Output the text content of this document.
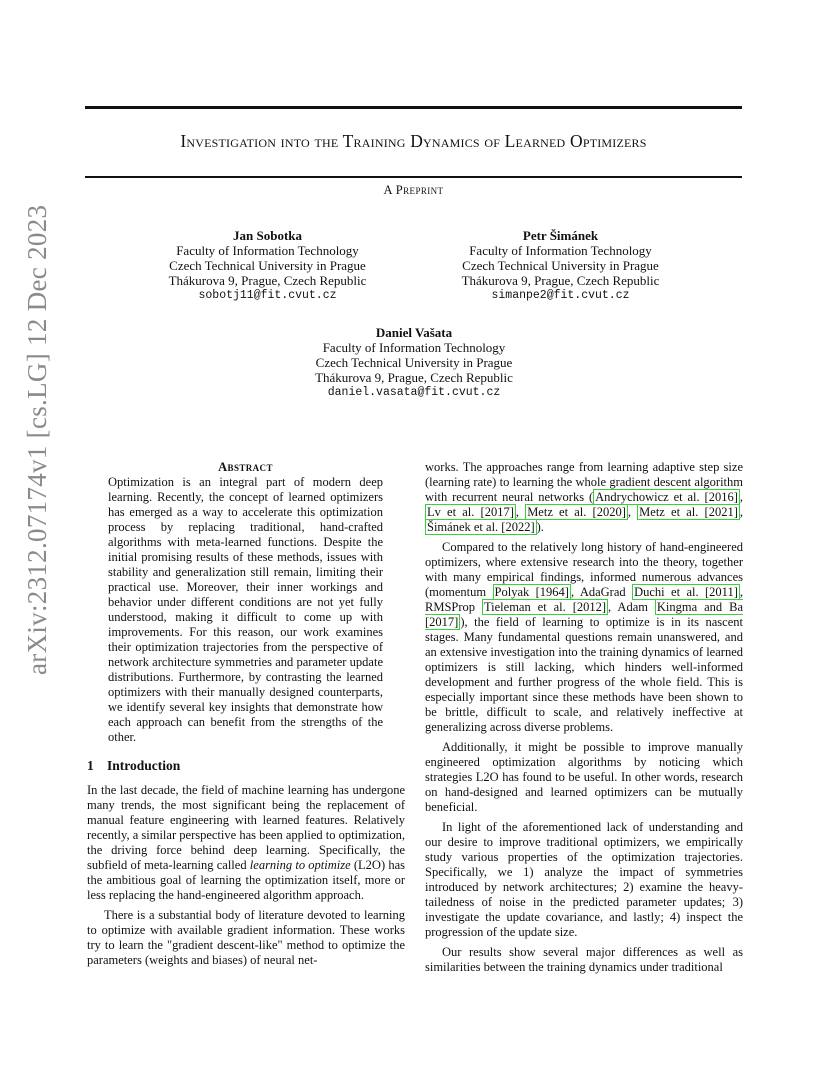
Investigation into the Training Dynamics of Learned Optimizers
A Preprint
arXiv:2312.07174v1 [cs.LG] 12 Dec 2023	Jan Sobotka
Faculty of Information Technology
Czech Technical University in Prague
Thákurova 9, Prague, Czech Republic
sobotj11@fit.cvut.cz
Petr Šimánek
Faculty of Information Technology
Czech Technical University in Prague
Thákurova 9, Prague, Czech Republic
simanpe2@fit.cvut.cz
Daniel Vašata
Faculty of Information Technology
Czech Technical University in Prague
Thákurova 9, Prague, Czech Republic
daniel.vasata@fit.cvut.cz
Abstract
Optimization is an integral part of modern deep learning. Recently, the concept of learned optimizers has emerged as a way to accelerate this optimization process by replacing traditional, hand-crafted algorithms with meta-learned functions. Despite the initial promising results of these methods, issues with stability and generalization still remain, limiting their practical use. Moreover, their inner workings and behavior under different conditions are not yet fully understood, making it difficult to come up with improvements. For this reason, our work examines their optimization trajectories from the perspective of network architecture symmetries and parameter update distributions. Furthermore, by contrasting the learned optimizers with their manually designed counterparts, we identify several key insights that demonstrate how each approach can benefit from the strengths of the other.
1 Introduction

In the last decade, the field of machine learning has undergone many trends, the most significant being the replacement of manual feature engineering with learned features. Relatively recently, a similar perspective has been applied to optimization, the driving force behind deep learning. Specifically, the subfield of meta-learning called learning to optimize (L2O) has the ambitious goal of learning the optimization itself, more or less replacing the hand-engineered algorithm approach.

There is a substantial body of literature devoted to learning to optimize with available gradient information. These works try to learn the "gradient descent-like" method to optimize the parameters (weights and biases) of neural net-

works. The approaches range from learning adaptive step size (learning rate) to learning the whole gradient descent algorithm with recurrent neural networks ( Andrychowicz et al. [2016] , Lv et al. [2017] , Metz et al. [2020] , Metz et al. [2021] , Šimánek et al. [2022] ).

Compared to the relatively long history of hand-engineered optimizers, where extensive research into the theory, together with many empirical findings, informed numerous advances (momentum Polyak [1964] , AdaGrad Duchi et al. [2011] , RMSProp Tieleman et al. [2012] , Adam Kingma and Ba [2017] ), the field of learning to optimize is in its nascent stages. Many fundamental questions remain unanswered, and an extensive investigation into the training dynamics of learned optimizers is still lacking, which hinders well-informed development and further progress of the whole field. This is especially important since these methods have been shown to be brittle, difficult to scale, and relatively ineffective at generalizing across diverse problems.

Additionally, it might be possible to improve manually engineered optimization algorithms by noticing which strategies L2O has found to be useful. In other words, research on hand-designed and learned optimizers can be mutually beneficial.

In light of the aforementioned lack of understanding and our desire to improve traditional optimizers, we empirically study various properties of the optimization trajectories. Specifically, we 1) analyze the impact of symmetries introduced by network architectures; 2) examine the heavy-tailedness of noise in the predicted parameter updates; 3) investigate the update covariance, and lastly; 4) inspect the progression of the update size.

Our results show several major differences as well as similarities between the training dynamics under traditional
